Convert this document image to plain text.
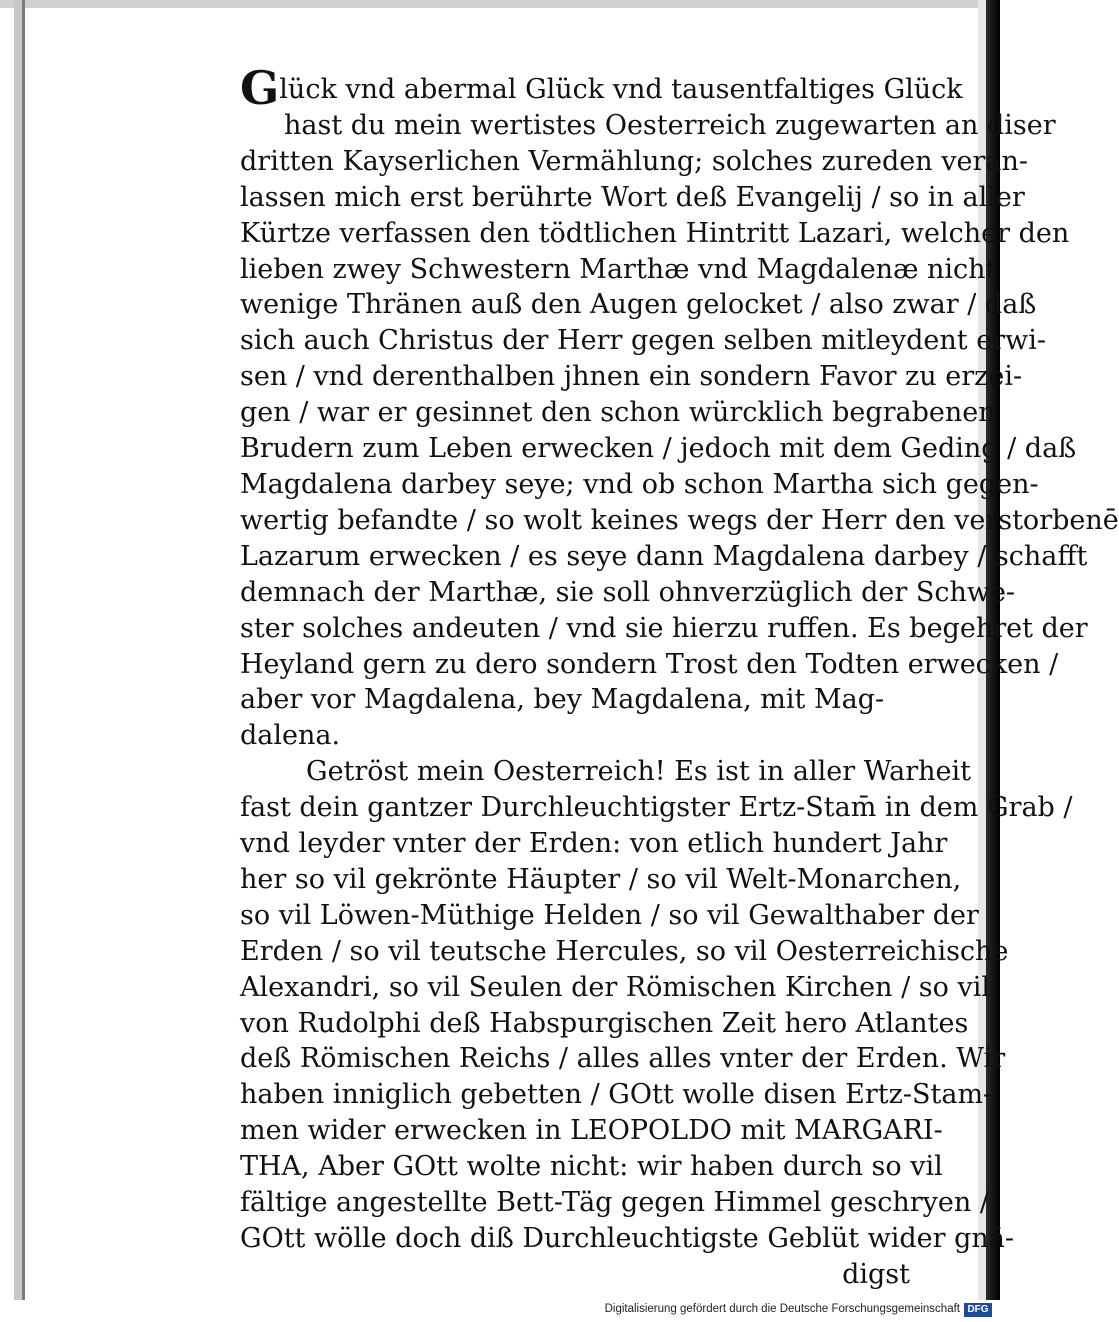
Glück vnd abermal Glück vnd tausentfaltiges Glück
hast du mein wertistes Oesterreich zugewarten an diser
dritten Kayserlichen Vermählung; solches zureden veran-
lassen mich erst berührte Wort deß Evangelij / so in aller
Kürtze verfassen den tödtlichen Hintritt Lazari, welcher den
lieben zwey Schwestern Marthæ vnd Magdalenæ nicht
wenige Thränen auß den Augen gelocket / also zwar / daß
sich auch Christus der Herr gegen selben mitleydent erwi-
sen / vnd derenthalben jhnen ein sondern Favor zu erzei-
gen / war er gesinnet den schon würcklich begrabenen
Brudern zum Leben erwecken / jedoch mit dem Geding / daß
Magdalena darbey seye; vnd ob schon Martha sich gegen-
wertig befandte / so wolt keines wegs der Herr den verstorbenē
Lazarum erwecken / es seye dann Magdalena darbey / schafft
demnach der Marthæ, sie soll ohnverzüglich der Schwe-
ster solches andeuten / vnd sie hierzu ruffen. Es begehret der
Heyland gern zu dero sondern Trost den Todten erwecken /
aber vor Magdalena, bey Magdalena, mit Mag-
dalena.
Getröst mein Oesterreich! Es ist in aller Warheit
fast dein gantzer Durchleuchtigster Ertz-Stam̄ in dem Grab /
vnd leyder vnter der Erden: von etlich hundert Jahr
her so vil gekrönte Häupter / so vil Welt-Monarchen,
so vil Löwen-Müthige Helden / so vil Gewalthaber der
Erden / so vil teutsche Hercules, so vil Oesterreichische
Alexandri, so vil Seulen der Römischen Kirchen / so vil
von Rudolphi deß Habspurgischen Zeit hero Atlantes
deß Römischen Reichs / alles alles vnter der Erden. Wir
haben inniglich gebetten / GOtt wolle disen Ertz-Stam-
men wider erwecken in LEOPOLDO mit MARGARI-
THA, Aber GOtt wolte nicht: wir haben durch so vil
fältige angestellte Bett-Täg gegen Himmel geschryen /
GOtt wölle doch diß Durchleuchtigste Geblüt wider gnä-
digst
Digitalisierung gefördert durch die Deutsche Forschungsgemeinschaft DFG
